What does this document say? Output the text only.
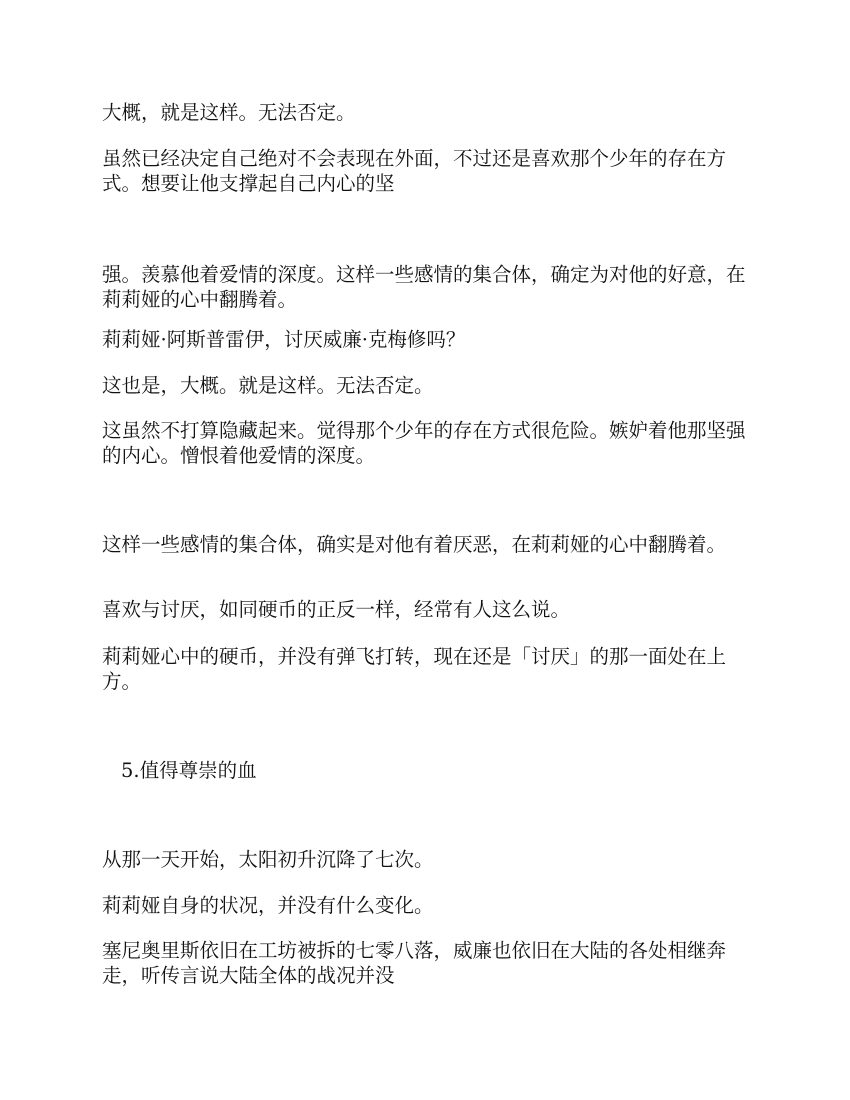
大概，就是这样。无法否定。

虽然已经决定自己绝对不会表现在外面，不过还是喜欢那个少年的存在方式。想要让他支撑起自己内心的坚

强。羡慕他着爱情的深度。这样一些感情的集合体，确定为对他的好意，在莉莉娅的心中翻腾着。

莉莉娅·阿斯普雷伊，讨厌威廉·克梅修吗？

这也是，大概。就是这样。无法否定。

这虽然不打算隐藏起来。觉得那个少年的存在方式很危险。嫉妒着他那坚强的内心。憎恨着他爱情的深度。

这样一些感情的集合体，确实是对他有着厌恶，在莉莉娅的心中翻腾着。

喜欢与讨厌，如同硬币的正反一样，经常有人这么说。

莉莉娅心中的硬币，并没有弹飞打转，现在还是「讨厌」的那一面处在上方。

5.值得尊崇的血

从那一天开始，太阳初升沉降了七次。

莉莉娅自身的状况，并没有什么变化。

塞尼奥里斯依旧在工坊被拆的七零八落，威廉也依旧在大陆的各处相继奔走，听传言说大陆全体的战况并没
